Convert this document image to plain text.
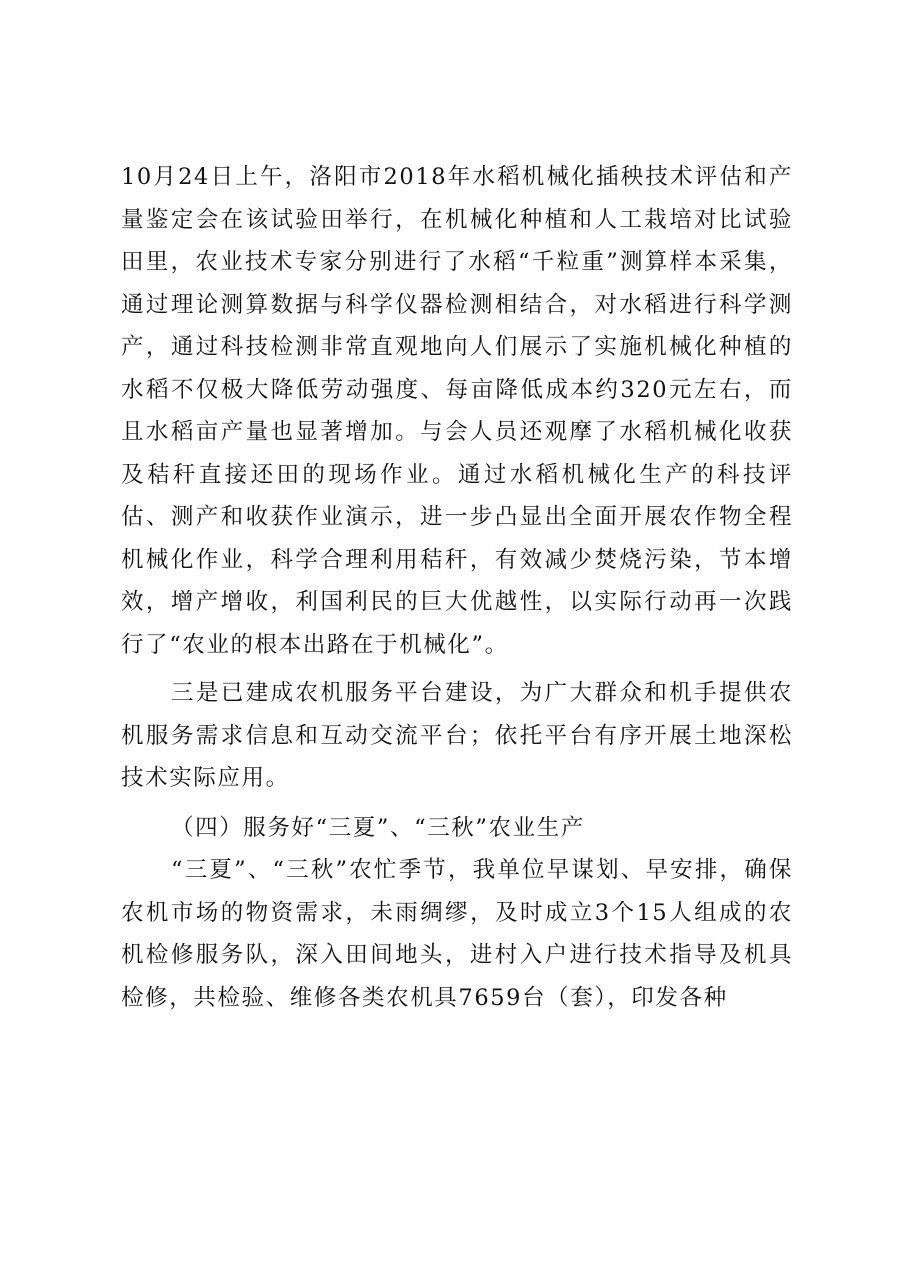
10月24日上午，洛阳市2018年水稻机械化插秧技术评估和产量鉴定会在该试验田举行，在机械化种植和人工栽培对比试验田里，农业技术专家分别进行了水稻“千粒重”测算样本采集，通过理论测算数据与科学仪器检测相结合，对水稻进行科学测产，通过科技检测非常直观地向人们展示了实施机械化种植的水稻不仅极大降低劳动强度、每亩降低成本约320元左右，而且水稻亩产量也显著增加。与会人员还观摩了水稻机械化收获及秸秆直接还田的现场作业。通过水稻机械化生产的科技评估、测产和收获作业演示，进一步凸显出全面开展农作物全程机械化作业，科学合理利用秸秆，有效减少焚烧污染，节本增效，增产增收，利国利民的巨大优越性，以实际行动再一次践行了“农业的根本出路在于机械化”。

三是已建成农机服务平台建设，为广大群众和机手提供农机服务需求信息和互动交流平台；依托平台有序开展土地深松技术实际应用。

（四）服务好“三夏”、“三秋”农业生产

“三夏”、“三秋”农忙季节，我单位早谋划、早安排，确保农机市场的物资需求，未雨绸缪，及时成立3个15人组成的农机检修服务队，深入田间地头，进村入户进行技术指导及机具检修，共检验、维修各类农机具7659台（套），印发各种
